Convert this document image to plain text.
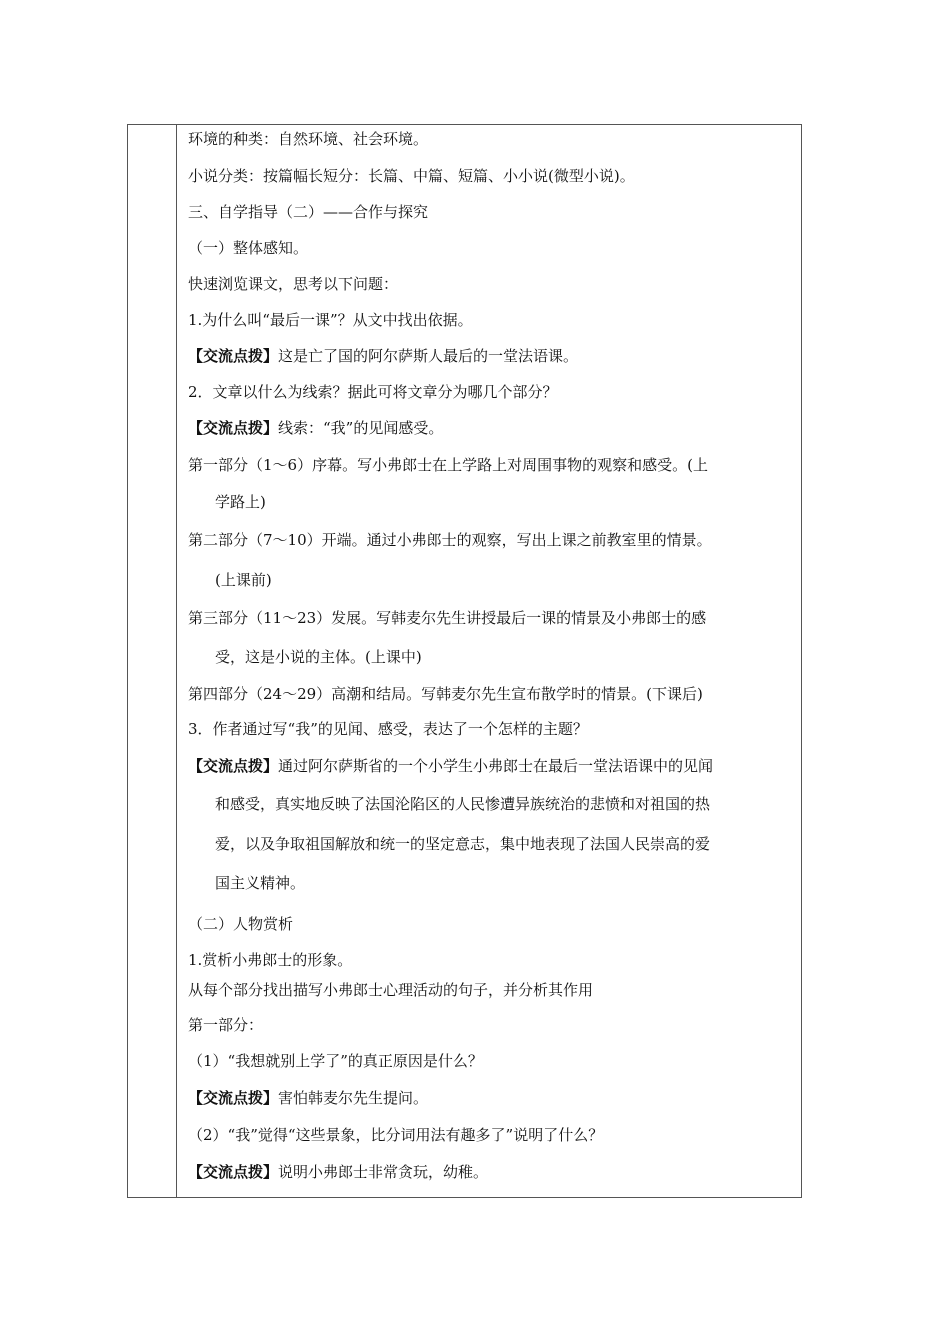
环境的种类：自然环境、社会环境。
小说分类：按篇幅长短分：长篇、中篇、短篇、小小说(微型小说)。
三、自学指导（二）——合作与探究
（一）整体感知。
快速浏览课文，思考以下问题：
1.为什么叫“最后一课”？从文中找出依据。
【交流点拨】这是亡了国的阿尔萨斯人最后的一堂法语课。
2．文章以什么为线索？据此可将文章分为哪几个部分？
【交流点拨】线索：“我”的见闻感受。
第一部分（1～6）序幕。写小弗郎士在上学路上对周围事物的观察和感受。(上
学路上)
第二部分（7～10）开端。通过小弗郎士的观察，写出上课之前教室里的情景。
(上课前)
第三部分（11～23）发展。写韩麦尔先生讲授最后一课的情景及小弗郎士的感
受，这是小说的主体。(上课中)
第四部分（24～29）高潮和结局。写韩麦尔先生宣布散学时的情景。(下课后)
3．作者通过写“我”的见闻、感受，表达了一个怎样的主题？
【交流点拨】通过阿尔萨斯省的一个小学生小弗郎士在最后一堂法语课中的见闻
和感受，真实地反映了法国沦陷区的人民惨遭异族统治的悲愤和对祖国的热
爱，以及争取祖国解放和统一的坚定意志，集中地表现了法国人民崇高的爱
国主义精神。
（二）人物赏析
1.赏析小弗郎士的形象。
从每个部分找出描写小弗郎士心理活动的句子，并分析其作用
第一部分：
（1）“我想就别上学了”的真正原因是什么？
【交流点拨】害怕韩麦尔先生提问。
（2）“我”觉得“这些景象，比分词用法有趣多了”说明了什么？
【交流点拨】说明小弗郎士非常贪玩，幼稚。
